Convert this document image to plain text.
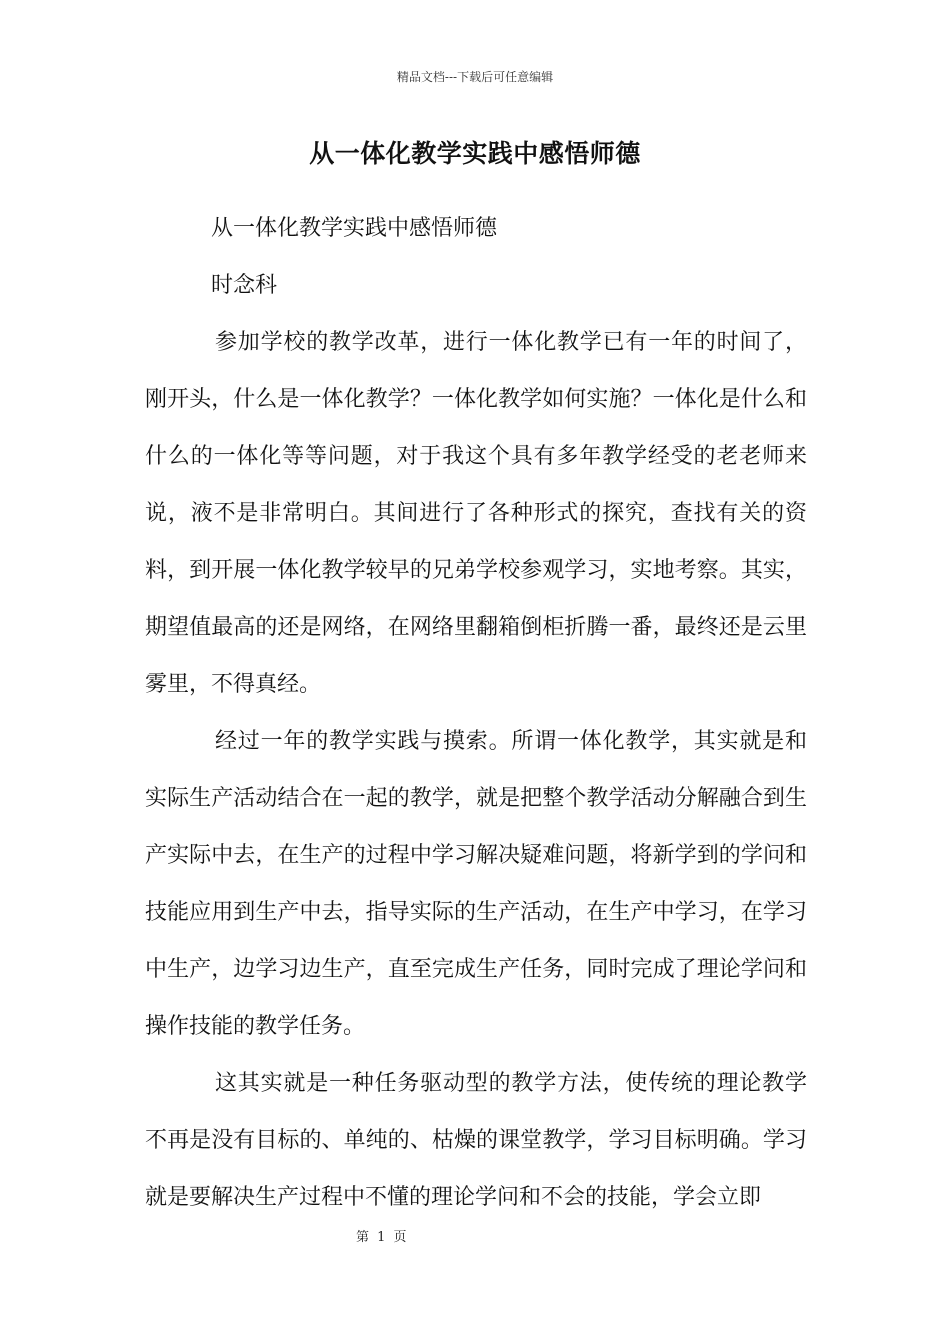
精品文档---下载后可任意编辑
从一体化教学实践中感悟师德

从一体化教学实践中感悟师德

时念科

参加学校的教学改革，进行一体化教学已有一年的时间了，刚开头，什么是一体化教学？一体化教学如何实施？一体化是什么和什么的一体化等等问题，对于我这个具有多年教学经受的老老师来说，液不是非常明白。其间进行了各种形式的探究，查找有关的资料，到开展一体化教学较早的兄弟学校参观学习，实地考察。其实，期望值最高的还是网络，在网络里翻箱倒柜折腾一番，最终还是云里雾里，不得真经。

经过一年的教学实践与摸索。所谓一体化教学，其实就是和实际生产活动结合在一起的教学，就是把整个教学活动分解融合到生产实际中去，在生产的过程中学习解决疑难问题，将新学到的学问和技能应用到生产中去，指导实际的生产活动，在生产中学习，在学习中生产，边学习边生产，直至完成生产任务，同时完成了理论学问和操作技能的教学任务。

这其实就是一种任务驱动型的教学方法，使传统的理论教学不再是没有目标的、单纯的、枯燥的课堂教学，学习目标明确。学习就是要解决生产过程中不懂的理论学问和不会的技能，学会立即

第 1 页
